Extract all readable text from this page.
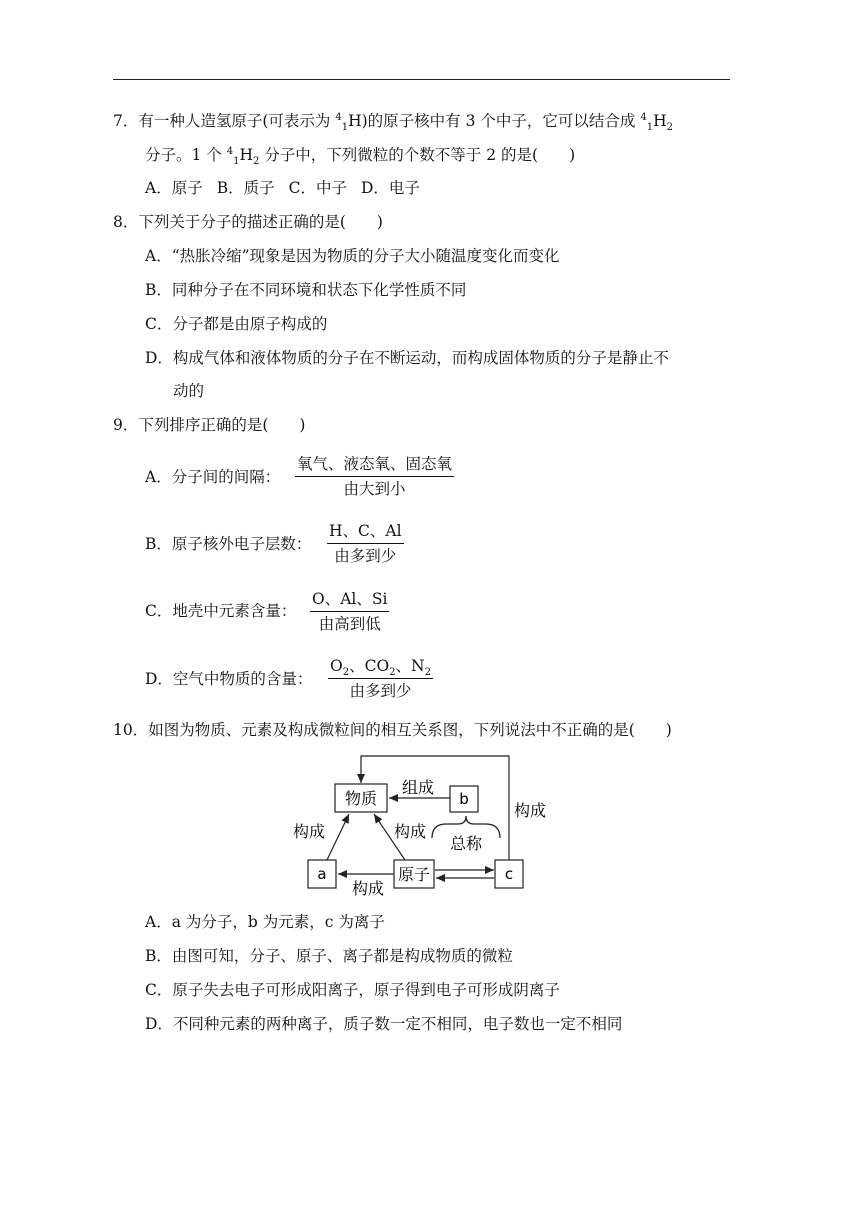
7．有一种人造氢原子(可表示为 $^4_1$H)的原子核中有 3 个中子，它可以结合成 $^4_1H_2$
分子。1 个 $^4_1H_2$ 分子中，下列微粒的个数不等于 2 的是(　　)
A．原子 B．质子 C．中子 D．电子
8．下列关于分子的描述正确的是(　　)
A．“热胀冷缩”现象是因为物质的分子大小随温度变化而变化
B．同种分子在不同环境和状态下化学性质不同
C．分子都是由原子构成的
D．构成气体和液体物质的分子在不断运动，而构成固体物质的分子是静止不
动的
9．下列排序正确的是(　　)
A．分子间的间隔：
氧气、液态氧、固态氧
由大到小
B．原子核外电子层数：
H、C、Al
由多到少
C．地壳中元素含量：
O、Al、Si
由高到低
D．空气中物质的含量：
$O_2$、$CO_2$、$N_2$
由多到少
10．如图为物质、元素及构成微粒间的相互关系图，下列说法中不正确的是(　　)
物质	b
a	原子	c
构成
组成
构成	构成
构成
总称
A．a 为分子，b 为元素，c 为离子
B．由图可知，分子、原子、离子都是构成物质的微粒
C．原子失去电子可形成阳离子，原子得到电子可形成阴离子
D．不同种元素的两种离子，质子数一定不相同，电子数也一定不相同
